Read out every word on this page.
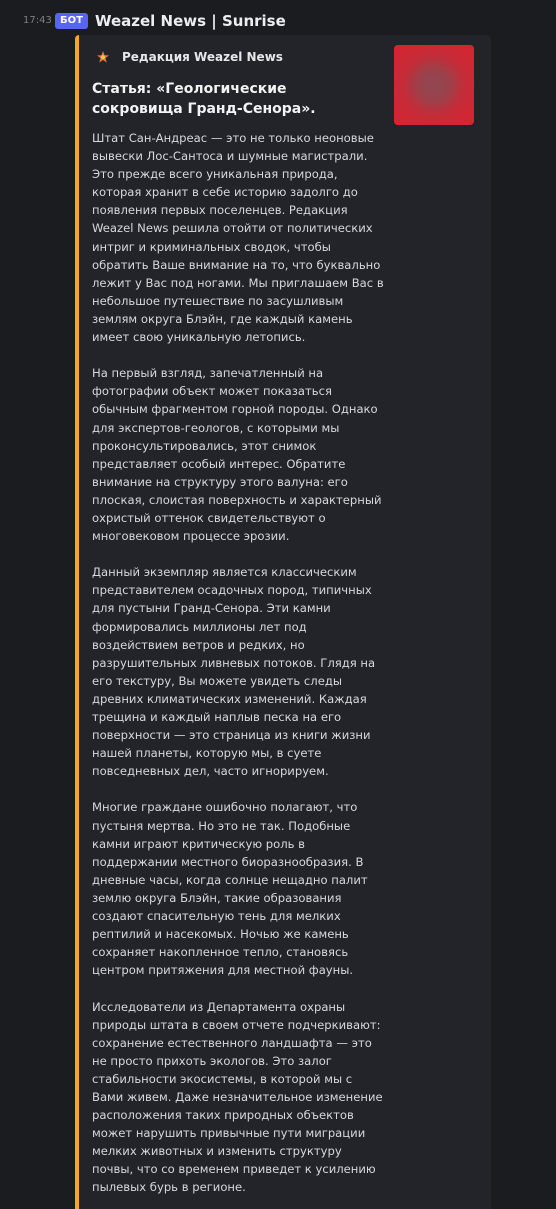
17:43 БОТ Weazel News | Sunrise
Редакция Weazel News
Статья: «Геологические сокровища Гранд-Сенора».

Штат Сан-Андреас — это не только неоновые вывески Лос-Сантоса и шумные магистрали. Это прежде всего уникальная природа, которая хранит в себе историю задолго до появления первых поселенцев. Редакция Weazel News решила отойти от политических интриг и криминальных сводок, чтобы обратить Ваше внимание на то, что буквально лежит у Вас под ногами. Мы приглашаем Вас в небольшое путешествие по засушливым землям округа Блэйн, где каждый камень имеет свою уникальную летопись.

На первый взгляд, запечатленный на фотографии объект может показаться обычным фрагментом горной породы. Однако для экспертов-геологов, с которыми мы проконсультировались, этот снимок представляет особый интерес. Обратите внимание на структуру этого валуна: его плоская, слоистая поверхность и характерный охристый оттенок свидетельствуют о многовековом процессе эрозии.

Данный экземпляр является классическим представителем осадочных пород, типичных для пустыни Гранд-Сенора. Эти камни формировались миллионы лет под воздействием ветров и редких, но разрушительных ливневых потоков. Глядя на его текстуру, Вы можете увидеть следы древних климатических изменений. Каждая трещина и каждый наплыв песка на его поверхности — это страница из книги жизни нашей планеты, которую мы, в суете повседневных дел, часто игнорируем.

Многие граждане ошибочно полагают, что пустыня мертва. Но это не так. Подобные камни играют критическую роль в поддержании местного биоразнообразия. В дневные часы, когда солнце нещадно палит землю округа Блэйн, такие образования создают спасительную тень для мелких рептилий и насекомых. Ночью же камень сохраняет накопленное тепло, становясь центром притяжения для местной фауны.

Исследователи из Департамента охраны природы штата в своем отчете подчеркивают: сохранение естественного ландшафта — это не просто прихоть экологов. Это залог стабильности экосистемы, в которой мы с Вами живем. Даже незначительное изменение расположения таких природных объектов может нарушить привычные пути миграции мелких животных и изменить структуру почвы, что со временем приведет к усилению пылевых бурь в регионе.
